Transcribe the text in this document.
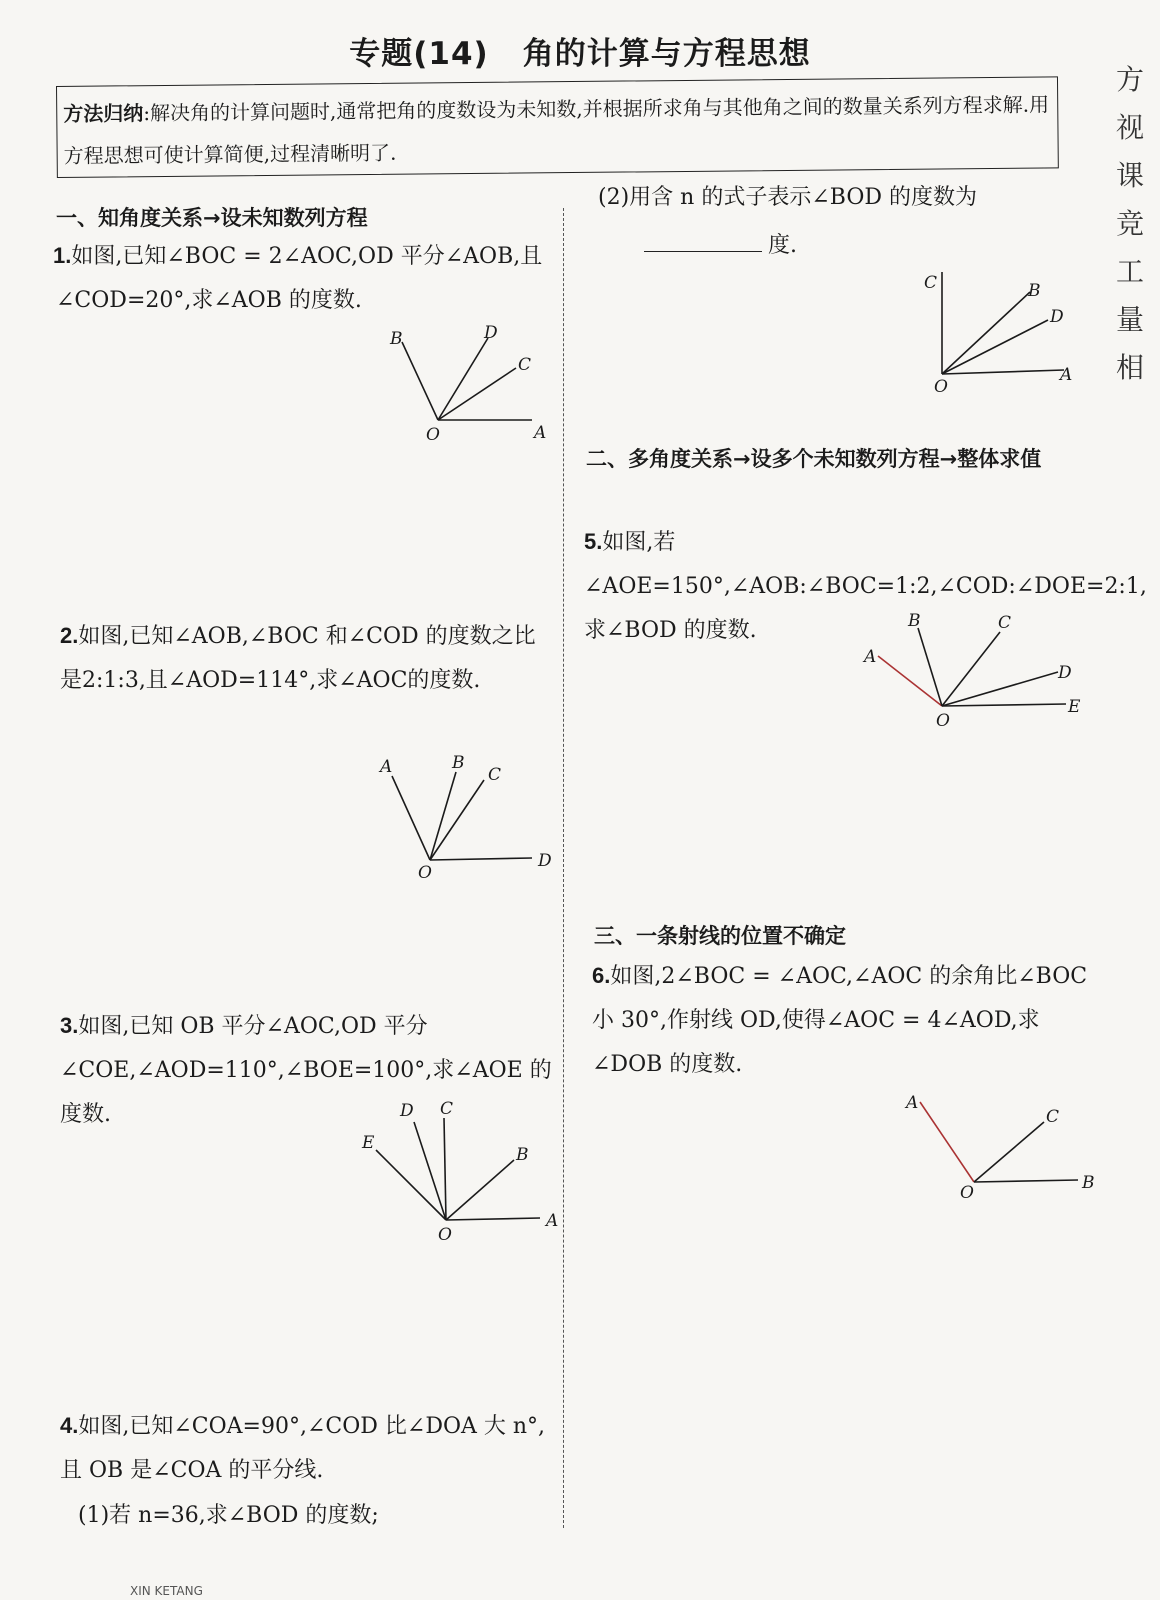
专题(14) 角的计算与方程思想
方法归纳:解决角的计算问题时,通常把角的度数设为未知数,并根据所求角与其他角之间的数量关系列方程求解.用方程思想可使计算简便,过程清晰明了.
一、知角度关系→设未知数列方程
1.如图,已知∠BOC = 2∠AOC,OD 平分∠AOB,且∠COD=20°,求∠AOB 的度数.
B	D
C
O	A
2.如图,已知∠AOB,∠BOC 和∠COD 的度数之比是2:1:3,且∠AOD=114°,求∠AOC的度数.
A	B
C
O
D
3.如图,已知 OB 平分∠AOC,OD 平分∠COE,∠AOD=110°,∠BOE=100°,求∠AOE 的度数.	D C
E
B
O
A
4.如图,已知∠COA=90°,∠COD 比∠DOA 大 n°,且 OB 是∠COA 的平分线.
(1)若 n=36,求∠BOD 的度数;
(2)用含 n 的式子表示∠BOD 的度数为
度.
C	B
D
O
A
二、多角度关系→设多个未知数列方程→整体求值
5.如图,若∠AOE=150°,∠AOB:∠BOC=1:2,∠COD:∠DOE=2:1,求∠BOD 的度数.	B	C
A
D
O
E
三、一条射线的位置不确定
6.如图,2∠BOC = ∠AOC,∠AOC 的余角比∠BOC 小 30°,作射线 OD,使得∠AOC = 4∠AOD,求∠DOB 的度数.
A
C
O	B
方视课竞工量相
XIN KETANG
